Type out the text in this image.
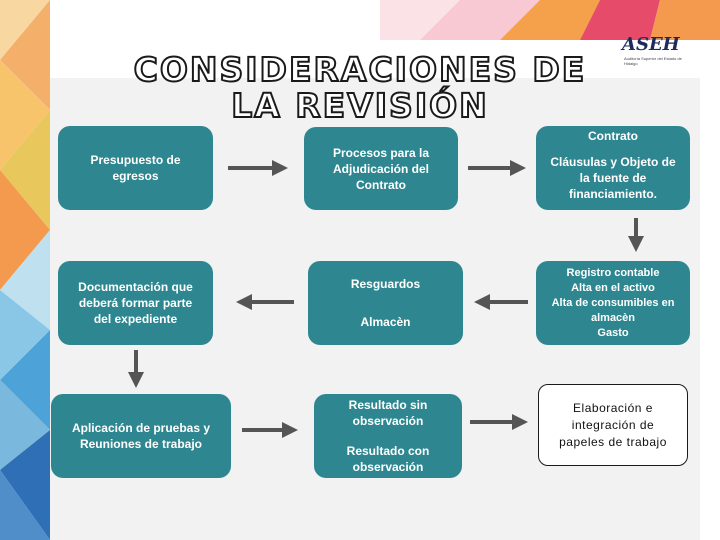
CONSIDERACIONES DE LA REVISIÓN
ASEH
Auditoría Superior del Estado de Hidalgo
Presupuesto de
egresos
Procesos para la
Adjudicación del
Contrato
Contrato
Cláusulas y Objeto de
la fuente de
financiamiento.
Documentación que
deberá formar parte
del expediente
Resguardos
Almacèn
Registro contable
Alta en el activo
Alta de consumibles en
almacèn
Gasto
Aplicación de pruebas y
Reuniones de trabajo
Resultado sin
observación
Resultado con
observación
Elaboración e
integración de
papeles de trabajo
